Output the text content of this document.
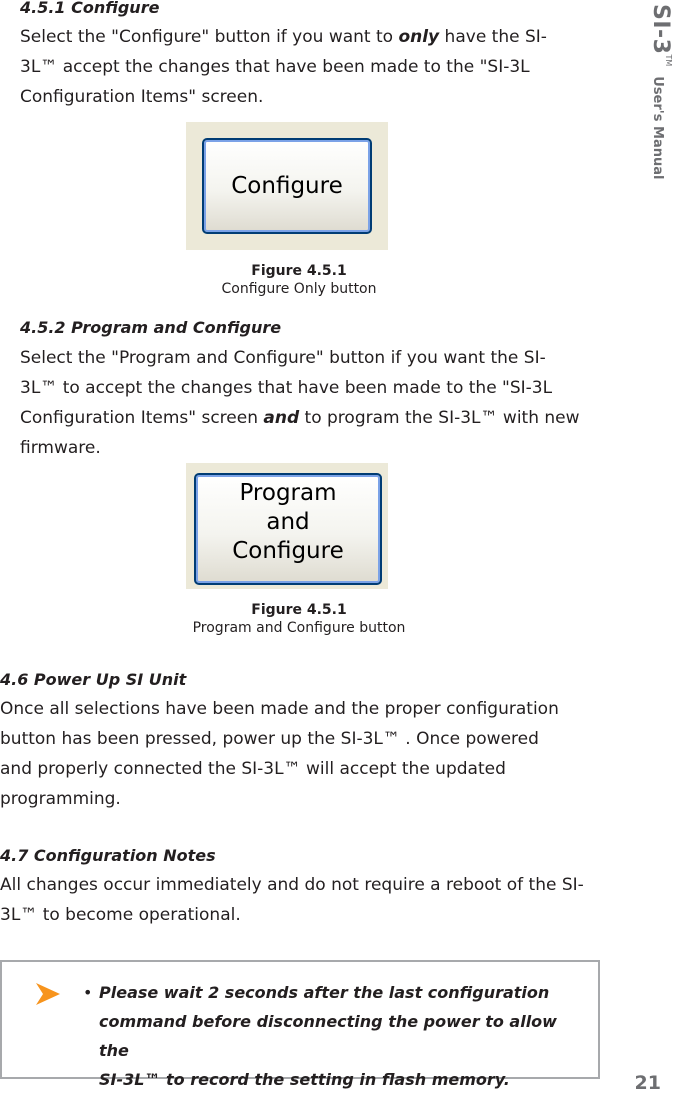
SI-3™User's Manual
4.5.1 Configure
Select the "Configure" button if you want to only have the SI-
3L™ accept the changes that have been made to the "SI-3L
Configuration Items" screen.
Configure
Figure 4.5.1
Configure Only button
4.5.2 Program and Configure
Select the "Program and Configure" button if you want the SI-
3L™ to accept the changes that have been made to the "SI-3L
Configuration Items" screen and to program the SI-3L™ with new
firmware.
Program
and
Configure
Figure 4.5.1
Program and Configure button
4.6 Power Up SI Unit
Once all selections have been made and the proper configuration
button has been pressed, power up the SI-3L™ . Once powered
and properly connected the SI-3L™ will accept the updated
programming.
4.7 Configuration Notes
All changes occur immediately and do not require a reboot of the SI-
3L™ to become operational.
• Please wait 2 seconds after the last configuration
command before disconnecting the power to allow the
SI-3L™ to record the setting in flash memory.	21
